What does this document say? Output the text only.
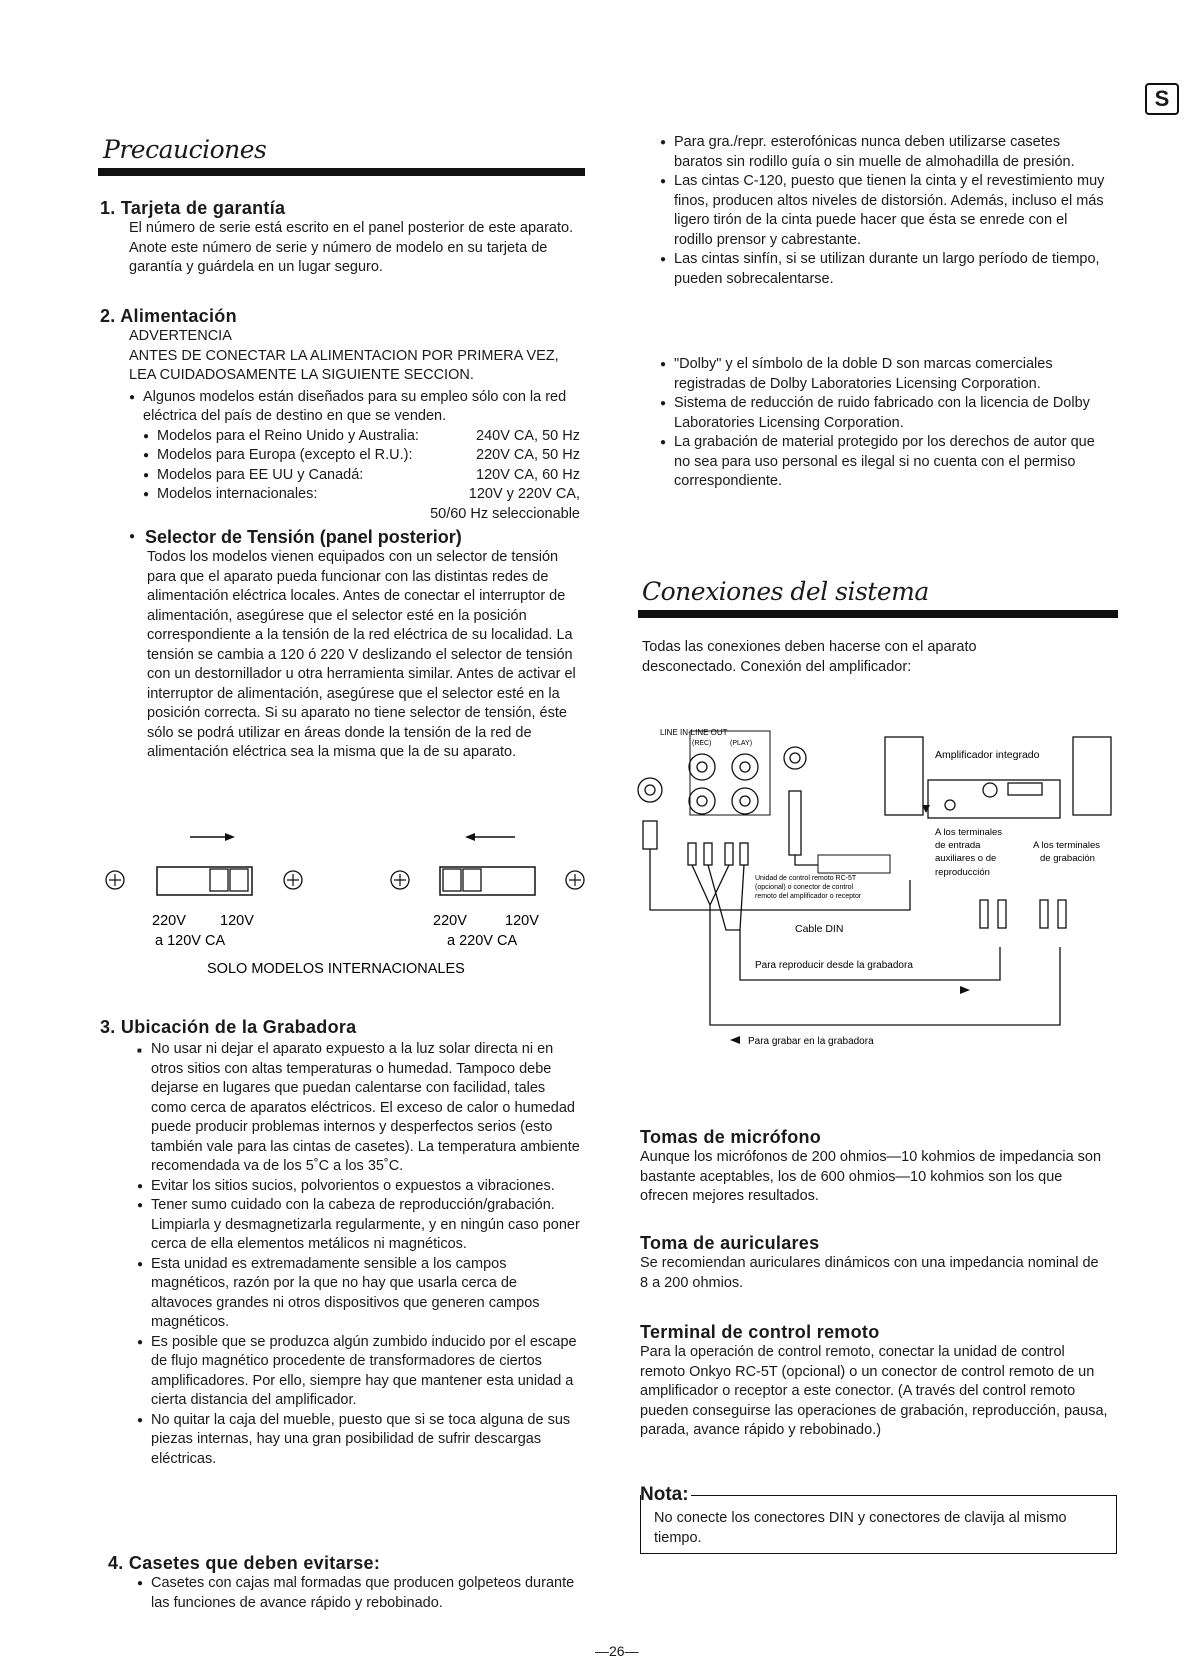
S
Precauciones
1. Tarjeta de garantía

El número de serie está escrito en el panel posterior de este aparato. Anote este número de serie y número de modelo en su tarjeta de garantía y guárdela en un lugar seguro.

2. Alimentación

ADVERTENCIA

ANTES DE CONECTAR LA ALIMENTACION POR PRIMERA VEZ, LEA CUIDADOSAMENTE LA SIGUIENTE SECCION.

● Algunos modelos están diseñados para su empleo sólo con la red eléctrica del país de destino en que se venden.
● Modelos para el Reino Unido y Australia:	240V CA, 50 Hz
● Modelos para Europa (excepto el R.U.):	220V CA, 50 Hz
● Modelos para EE UU y Canadá:	120V CA, 60 Hz
● Modelos internacionales:	120V y 220V CA,
50/60 Hz seleccionable
● Selector de Tensión (panel posterior)

Todos los modelos vienen equipados con un selector de tensión para que el aparato pueda funcionar con las distintas redes de alimentación eléctrica locales. Antes de conectar el interruptor de alimentación, asegúrese que el selector esté en la posición correspondiente a la tensión de la red eléctrica de su localidad. La tensión se cambia a 120 ó 220 V deslizando el selector de tensión con un destornillador u otra herramienta similar. Antes de activar el interruptor de alimentación, asegúrese que el selector esté en la posición correcta. Si su aparato no tiene selector de tensión, éste sólo se podrá utilizar en áreas donde la tensión de la red de alimentación eléctrica sea la misma que la de su aparato.

220V 120V
a 120V CA
220V	120V
a 220V CA
SOLO MODELOS INTERNACIONALES
3. Ubicación de la Grabadora
■ No usar ni dejar el aparato expuesto a la luz solar directa ni en otros sitios con altas temperaturas o humedad. Tampoco debe dejarse en lugares que puedan calentarse con facilidad, tales como cerca de aparatos eléctricos. El exceso de calor o humedad puede producir problemas internos y desperfectos serios (esto también vale para las cintas de casetes). La temperatura ambiente recomendada va de los 5˚C a los 35˚C.
● Evitar los sitios sucios, polvorientos o expuestos a vibraciones.
● Tener sumo cuidado con la cabeza de reproducción/grabación. Limpiarla y desmagnetizarla regularmente, y en ningún caso poner cerca de ella elementos metálicos ni magnéticos.
● Esta unidad es extremadamente sensible a los campos magnéticos, razón por la que no hay que usarla cerca de altavoces grandes ni otros dispositivos que generen campos magnéticos.
● Es posible que se produzca algún zumbido inducido por el escape de flujo magnético procedente de transformadores de ciertos amplificadores. Por ello, siempre hay que mantener esta unidad a cierta distancia del amplificador.
● No quitar la caja del mueble, puesto que si se toca alguna de sus piezas internas, hay una gran posibilidad de sufrir descargas eléctricas.
4. Casetes que deben evitarse:
● Casetes con cajas mal formadas que producen golpeteos durante las funciones de avance rápido y rebobinado.
● Para gra./repr. esterofónicas nunca deben utilizarse casetes baratos sin rodillo guía o sin muelle de almohadilla de presión.
● Las cintas C-120, puesto que tienen la cinta y el revestimiento muy finos, producen altos niveles de distorsión. Además, incluso el más ligero tirón de la cinta puede hacer que ésta se enrede con el rodillo prensor y cabrestante.
● Las cintas sinfín, si se utilizan durante un largo período de tiempo, pueden sobrecalentarse.
● "Dolby" y el símbolo de la doble D son marcas comerciales registradas de Dolby Laboratories Licensing Corporation.
● Sistema de reducción de ruido fabricado con la licencia de Dolby Laboratories Licensing Corporation.
● La grabación de material protegido por los derechos de autor que no sea para uso personal es ilegal si no cuenta con el permiso correspondiente.
Conexiones del sistema

Todas las conexiones deben hacerse con el aparato desconectado. Conexión del amplificador:

LINE IN-LINE OUT
(REC)	(PLAY)
Amplificador integrado
A los terminales
de entrada
auxiliares o de
reproducción
A los terminales
de grabación
Unidad de control remoto RC-5T
(opcional) o conector de control
remoto del amplificador o receptor
Cable DIN
Para reproducir desde la grabadora
Para grabar en la grabadora
Tomas de micrófono

Aunque los micrófonos de 200 ohmios—10 kohmios de impedancia son bastante aceptables, los de 600 ohmios—10 kohmios son los que ofrecen mejores resultados.

Toma de auriculares

Se recomiendan auriculares dinámicos con una impedancia nominal de 8 a 200 ohmios.

Terminal de control remoto

Para la operación de control remoto, conectar la unidad de control remoto Onkyo RC-5T (opcional) o un conector de control remoto de un amplificador o receptor a este conector. (A través del control remoto pueden conseguirse las operaciones de grabación, reproducción, pausa, parada, avance rápido y rebobinado.)

Nota:

No conecte los conectores DIN y conectores de clavija al mismo tiempo.

—26—
